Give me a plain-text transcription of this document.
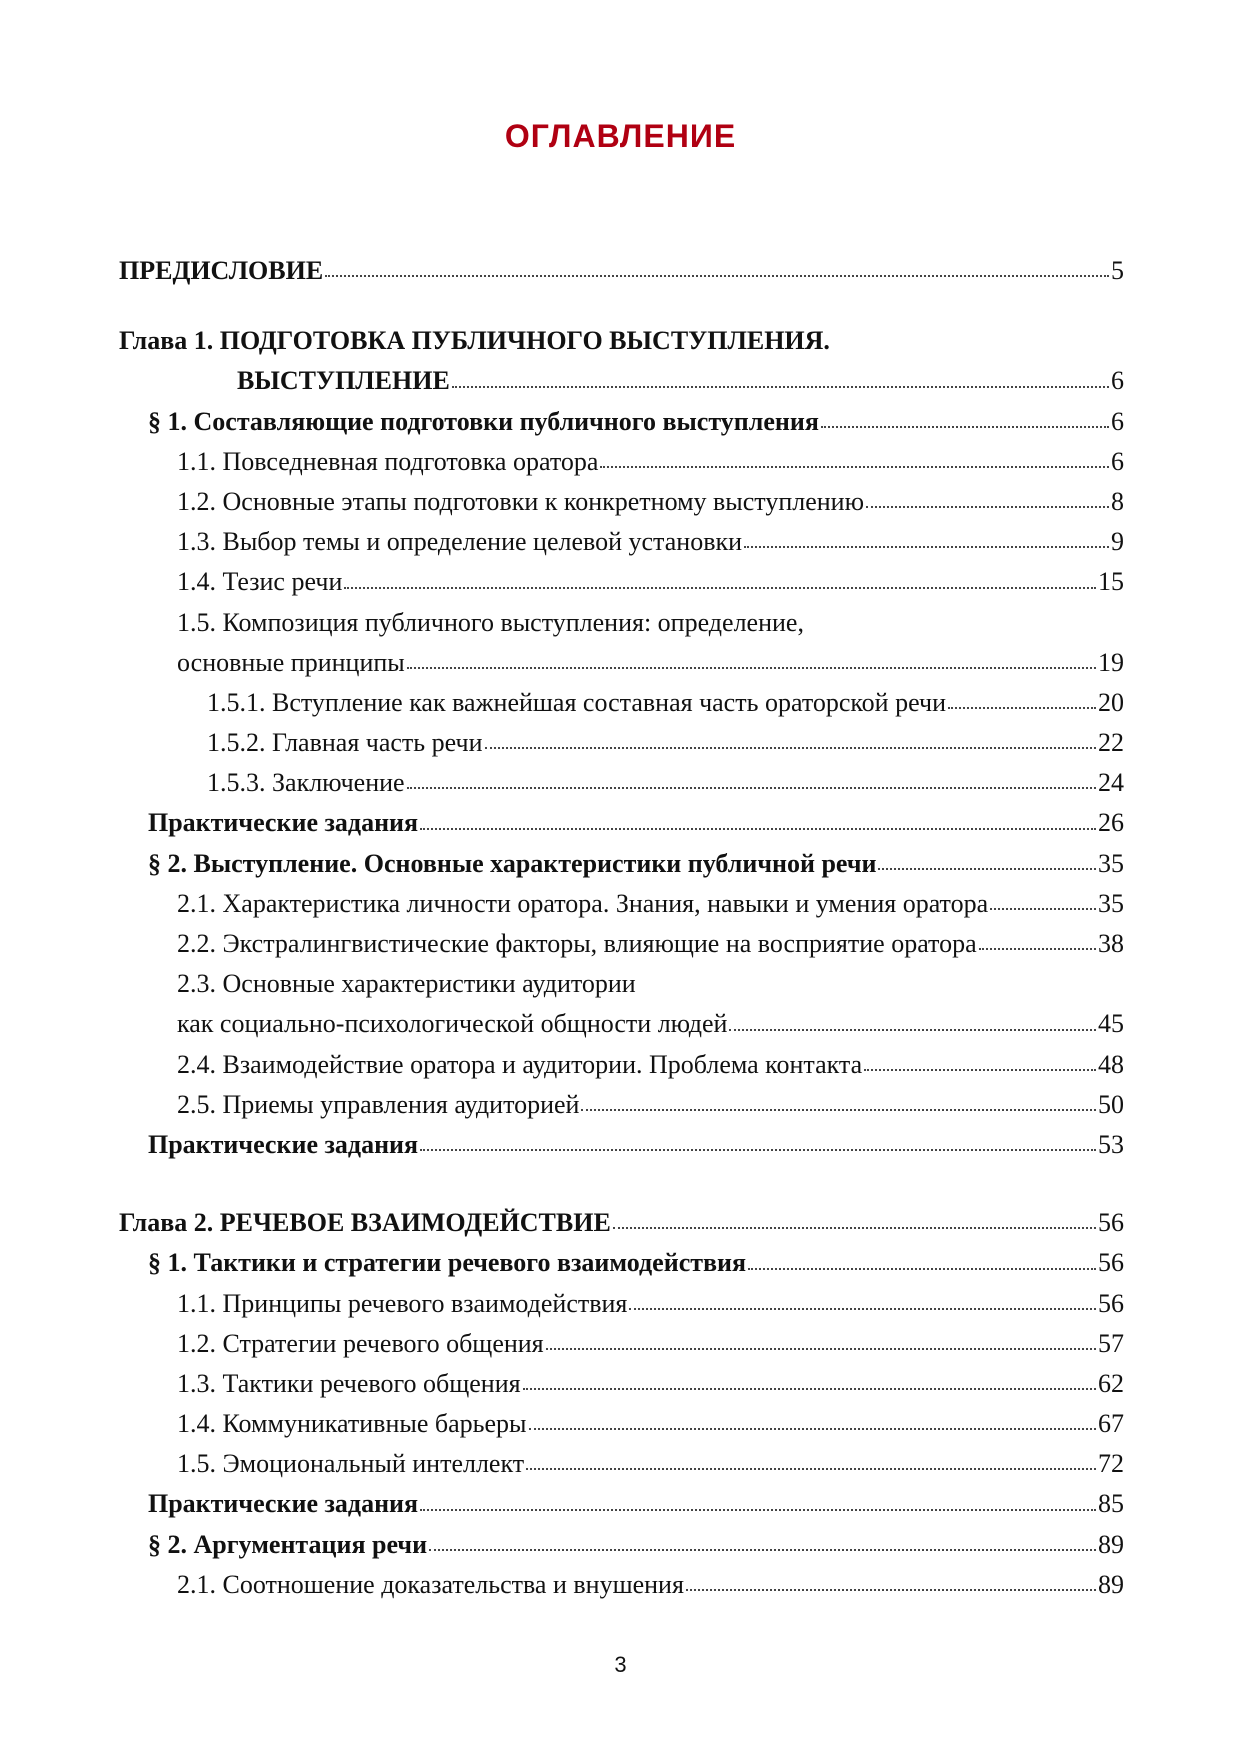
ОГЛАВЛЕНИЕ
ПРЕДИСЛОВИЕ	5
Глава 1. ПОДГОТОВКА ПУБЛИЧНОГО ВЫСТУПЛЕНИЯ.
ВЫСТУПЛЕНИЕ	6
§ 1. Составляющие подготовки публичного выступления	6
1.1. Повседневная подготовка оратора	6
1.2. Основные этапы подготовки к конкретному выступлению	8
1.3. Выбор темы и определение целевой установки	9
1.4. Тезис речи	15
1.5. Композиция публичного выступления: определение,
основные принципы	19
1.5.1. Вступление как важнейшая составная часть ораторской речи	20
1.5.2. Главная часть речи	22
1.5.3. Заключение	24
Практические задания	26
§ 2. Выступление. Основные характеристики публичной речи	35
2.1. Характеристика личности оратора. Знания, навыки и умения оратора	35
2.2. Экстралингвистические факторы, влияющие на восприятие оратора	38
2.3. Основные характеристики аудитории
как социально-психологической общности людей	45
2.4. Взаимодействие оратора и аудитории. Проблема контакта	48
2.5. Приемы управления аудиторией	50
Практические задания	53
Глава 2. РЕЧЕВОЕ ВЗАИМОДЕЙСТВИЕ	56
§ 1. Тактики и стратегии речевого взаимодействия	56
1.1. Принципы речевого взаимодействия	56
1.2. Стратегии речевого общения	57
1.3. Тактики речевого общения	62
1.4. Коммуникативные барьеры	67
1.5. Эмоциональный интеллект	72
Практические задания	85
§ 2. Аргументация речи	89
2.1. Соотношение доказательства и внушения	89
3
